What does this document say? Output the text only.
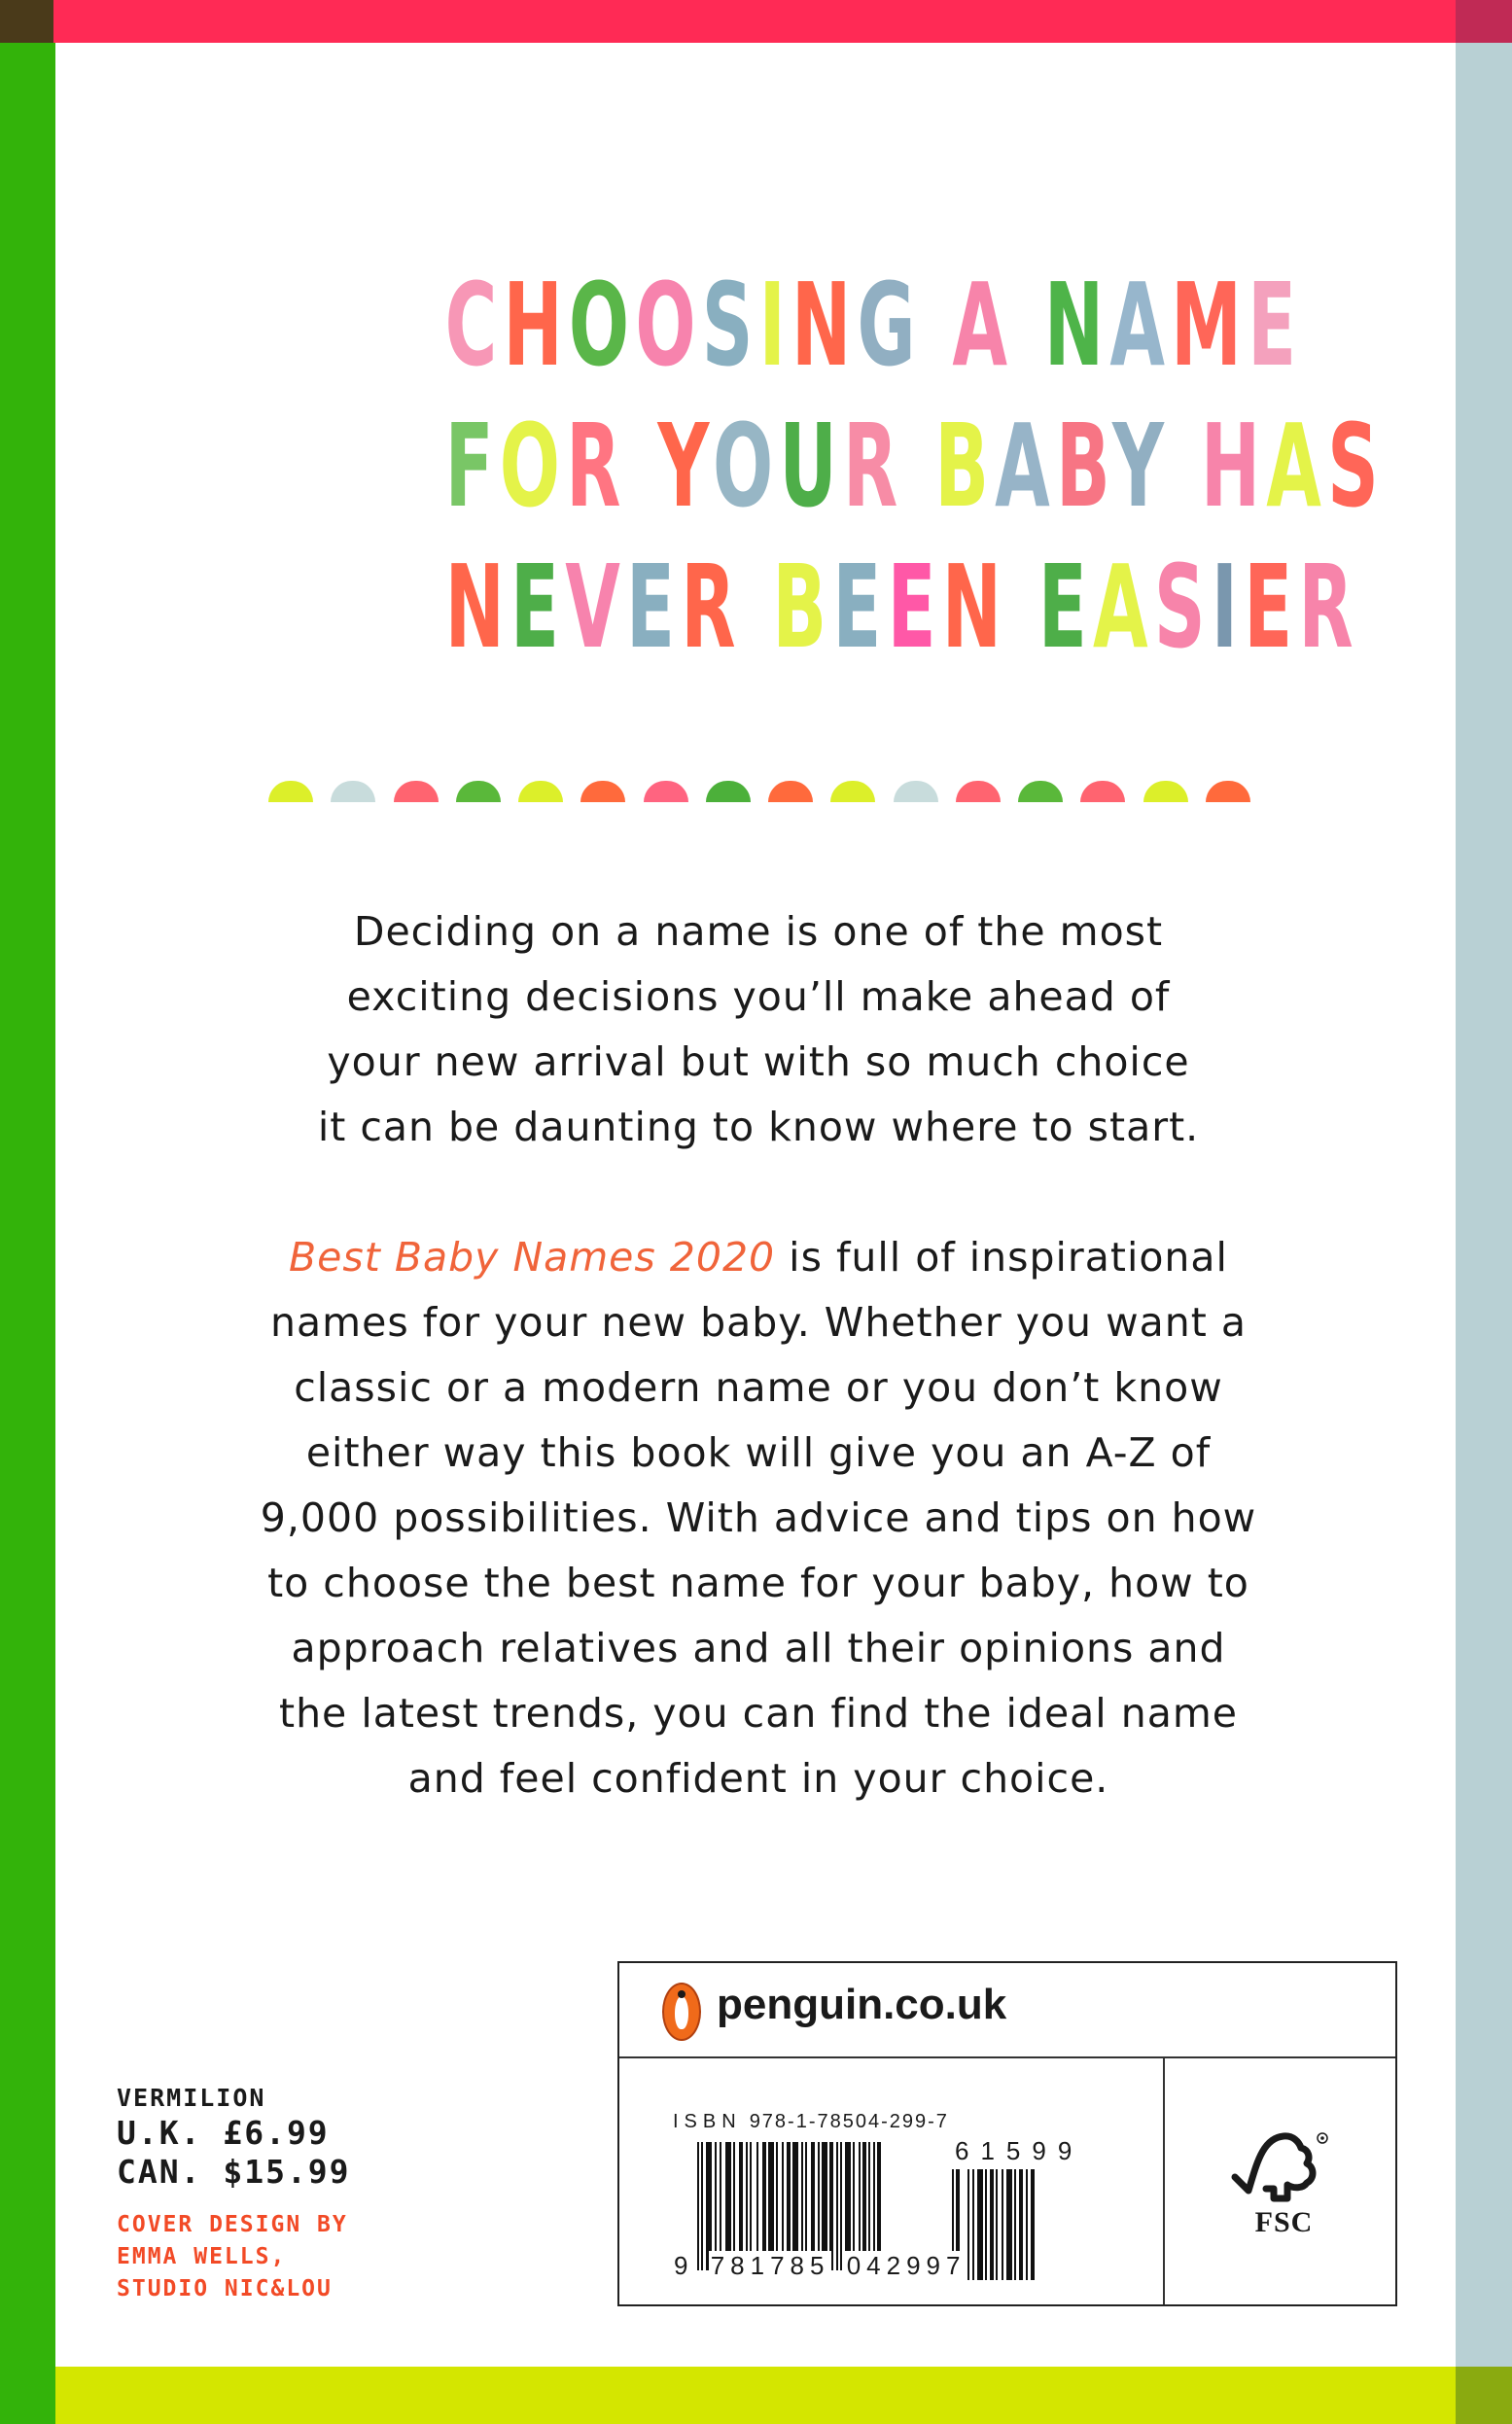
CHOOSING A NAME
FOR YOUR BABY HAS
NEVER BEEN EASIER
Deciding on a name is one of the most
exciting decisions you’ll make ahead of
your new arrival but with so much choice
it can be daunting to know where to start.
Best Baby Names 2020 is full of inspirational
names for your new baby. Whether you want a
classic or a modern name or you don’t know
either way this book will give you an A-Z of
9,000 possibilities. With advice and tips on how
to choose the best name for your baby, how to
approach relatives and all their opinions and
the latest trends, you can find the ideal name
and feel confident in your choice.
VERMILION
U.K. £6.99
CAN. $15.99
COVER DESIGN BY
EMMA WELLS,
STUDIO NIC&LOU
penguin.co.uk
ISBN 978-1-78504-299-7
61599
9 781785 042997
FSC
